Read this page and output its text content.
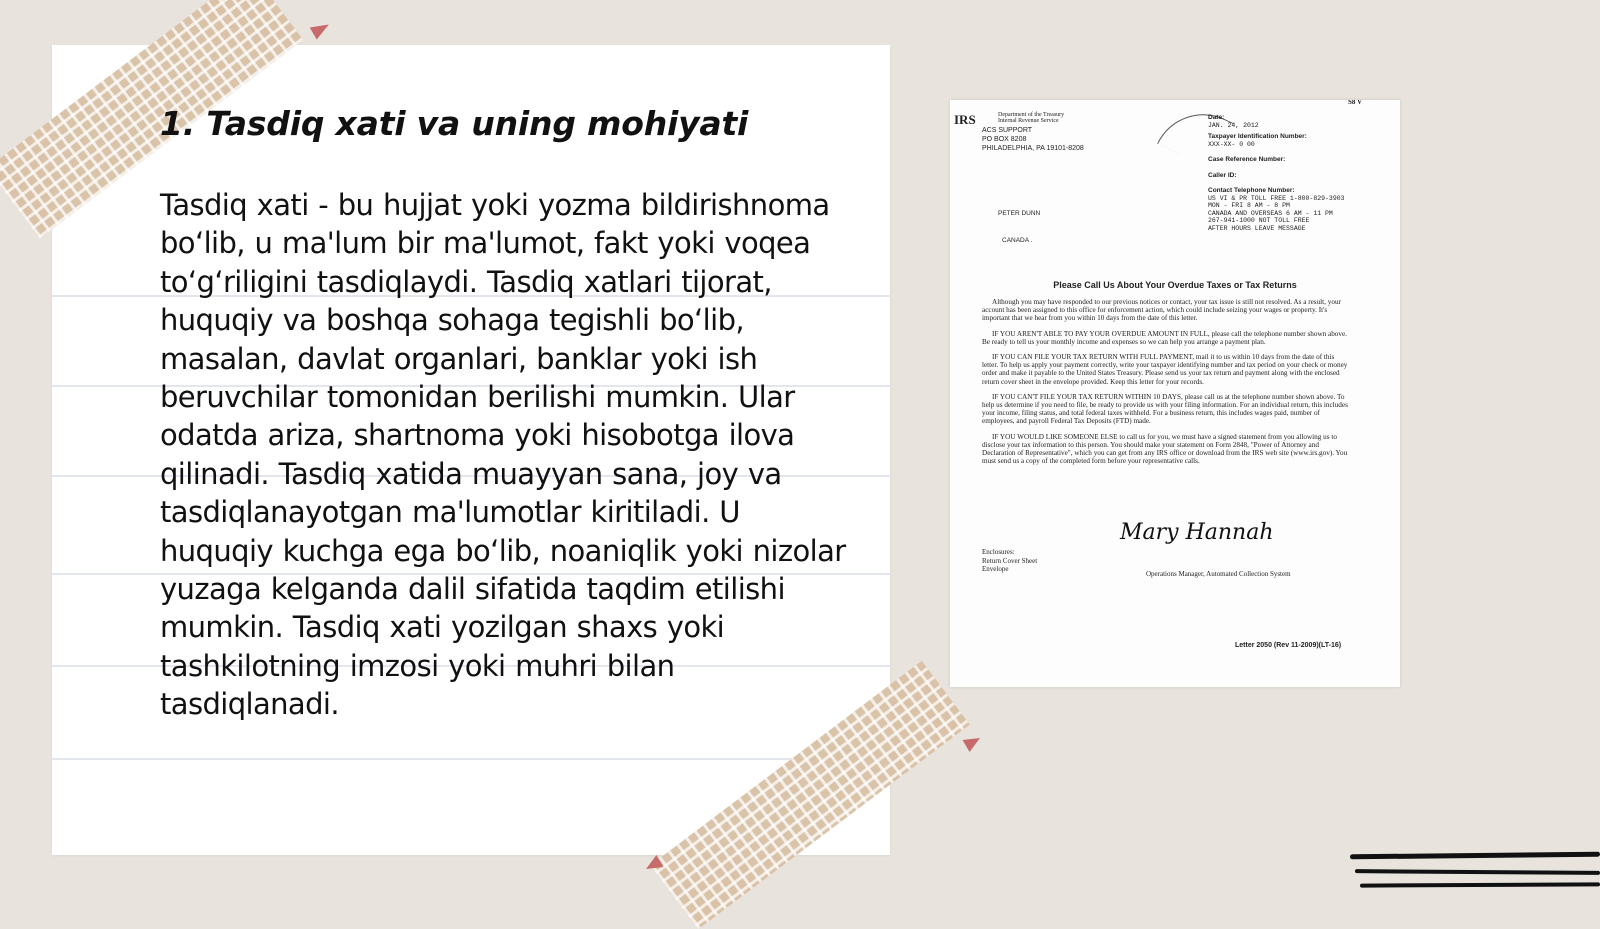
1. Tasdiq xati va uning mohiyati
Tasdiq xati - bu hujjat yoki yozma bildirishnoma bo‘lib, u ma'lum bir ma'lumot, fakt yoki voqea to‘g‘riligini tasdiqlaydi. Tasdiq xatlari tijorat, huquqiy va boshqa sohaga tegishli bo‘lib, masalan, davlat organlari, banklar yoki ish beruvchilar tomonidan berilishi mumkin. Ular odatda ariza, shartnoma yoki hisobotga ilova qilinadi. Tasdiq xatida muayyan sana, joy va tasdiqlanayotgan ma'lumotlar kiritiladi. U huquqiy kuchga ega bo‘lib, noaniqlik yoki nizolar yuzaga kelganda dalil sifatida taqdim etilishi mumkin. Tasdiq xati yozilgan shaxs yoki tashkilotning imzosi yoki muhri bilan tasdiqlanadi.
S8 V
IRS	Department of the Treasury Internal Revenue Service
ACS SUPPORT
PO BOX 8208
PHILADELPHIA, PA 19101-8208
Date:
JAN. 24, 2012
Taxpayer Identification Number:
XXX-XX- 0 00
Case Reference Number:
Caller ID:
Contact Telephone Number:
US VI & PR TOLL FREE 1-800-829-3903
MON - FRI 8 AM - 8 PM
CANADA AND OVERSEAS 6 AM - 11 PM
267-941-1000 NOT TOLL FREE
AFTER HOURS LEAVE MESSAGE
PETER DUNN
CANADA .
Please Call Us About Your Overdue Taxes or Tax Returns

Although you may have responded to our previous notices or contact, your tax issue is still not resolved. As a result, your account has been assigned to this office for enforcement action, which could include seizing your wages or property. It's important that we hear from you within 10 days from the date of this letter.

IF YOU AREN'T ABLE TO PAY YOUR OVERDUE AMOUNT IN FULL, please call the telephone number shown above. Be ready to tell us your monthly income and expenses so we can help you arrange a payment plan.

IF YOU CAN FILE YOUR TAX RETURN WITH FULL PAYMENT, mail it to us within 10 days from the date of this letter. To help us apply your payment correctly, write your taxpayer identifying number and tax period on your check or money order and make it payable to the United States Treasury. Please send us your tax return and payment along with the enclosed return cover sheet in the envelope provided. Keep this letter for your records.

IF YOU CAN'T FILE YOUR TAX RETURN WITHIN 10 DAYS, please call us at the telephone number shown above. To help us determine if you need to file, be ready to provide us with your filing information. For an individual return, this includes your income, filing status, and total federal taxes withheld. For a business return, this includes wages paid, number of employees, and payroll Federal Tax Deposits (FTD) made.

IF YOU WOULD LIKE SOMEONE ELSE to call us for you, we must have a signed statement from you allowing us to disclose your tax information to this person. You should make your statement on Form 2848, "Power of Attorney and Declaration of Representative", which you can get from any IRS office or download from the IRS web site (www.irs.gov). You must send us a copy of the completed form before your representative calls.

Mary Hannah
Enclosures:
Return Cover Sheet
Envelope
Operations Manager, Automated Collection System
Letter 2050 (Rev 11-2009)(LT-16)
